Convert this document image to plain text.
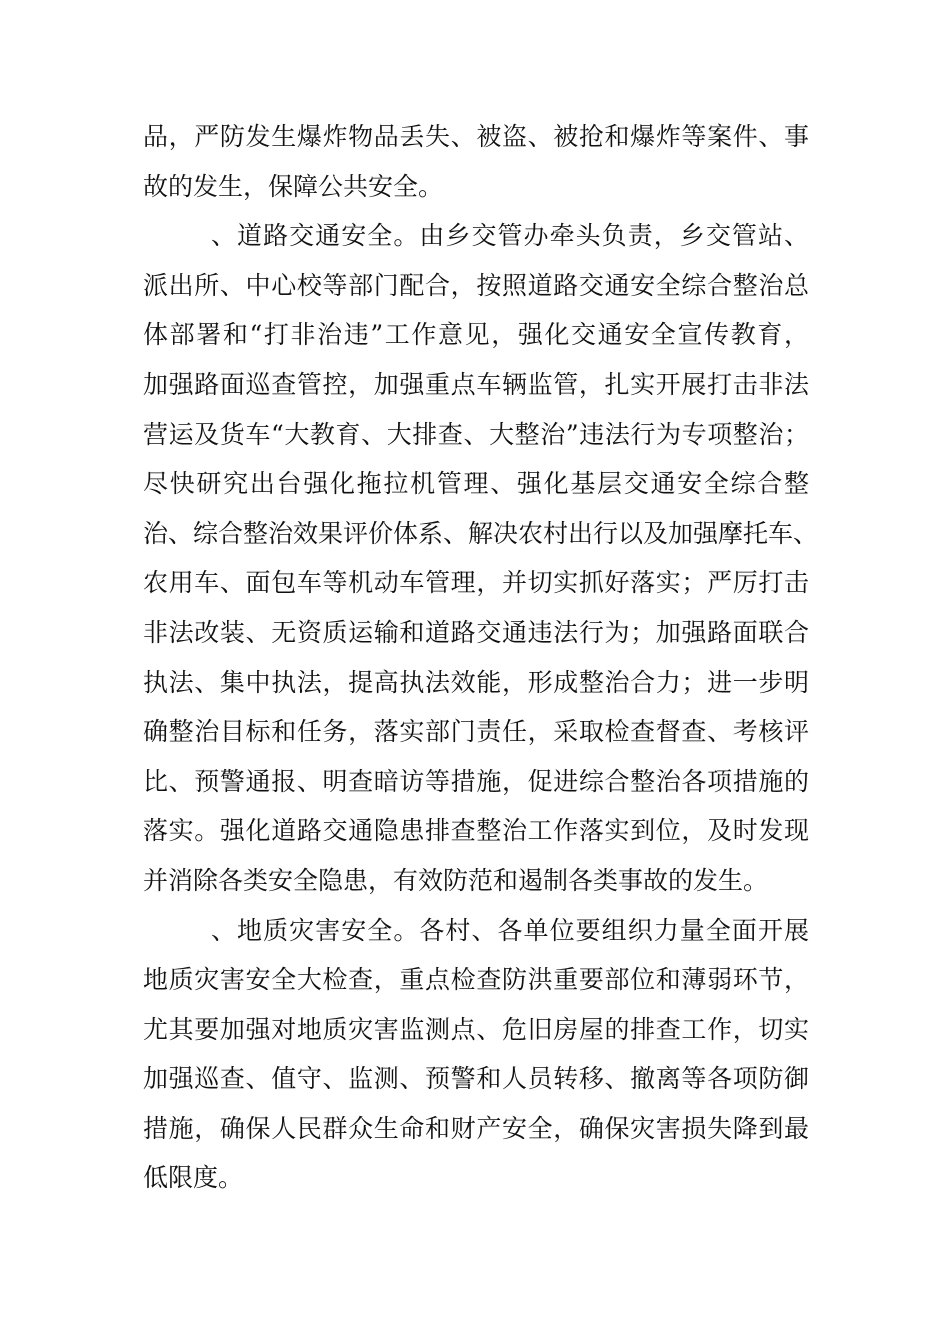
品，严防发生爆炸物品丢失、被盗、被抢和爆炸等案件、事
故的发生，保障公共安全。
、道路交通安全。由乡交管办牵头负责，乡交管站、
派出所、中心校等部门配合，按照道路交通安全综合整治总
体部署和“打非治违”工作意见，强化交通安全宣传教育，
加强路面巡查管控，加强重点车辆监管，扎实开展打击非法
营运及货车“大教育、大排查、大整治”违法行为专项整治；
尽快研究出台强化拖拉机管理、强化基层交通安全综合整
治、综合整治效果评价体系、解决农村出行以及加强摩托车、
农用车、面包车等机动车管理，并切实抓好落实；严厉打击
非法改装、无资质运输和道路交通违法行为；加强路面联合
执法、集中执法，提高执法效能，形成整治合力；进一步明
确整治目标和任务，落实部门责任，采取检查督查、考核评
比、预警通报、明查暗访等措施，促进综合整治各项措施的
落实。强化道路交通隐患排查整治工作落实到位，及时发现
并消除各类安全隐患，有效防范和遏制各类事故的发生。
、地质灾害安全。各村、各单位要组织力量全面开展
地质灾害安全大检查，重点检查防洪重要部位和薄弱环节，
尤其要加强对地质灾害监测点、危旧房屋的排查工作，切实
加强巡查、值守、监测、预警和人员转移、撤离等各项防御
措施，确保人民群众生命和财产安全，确保灾害损失降到最
低限度。
